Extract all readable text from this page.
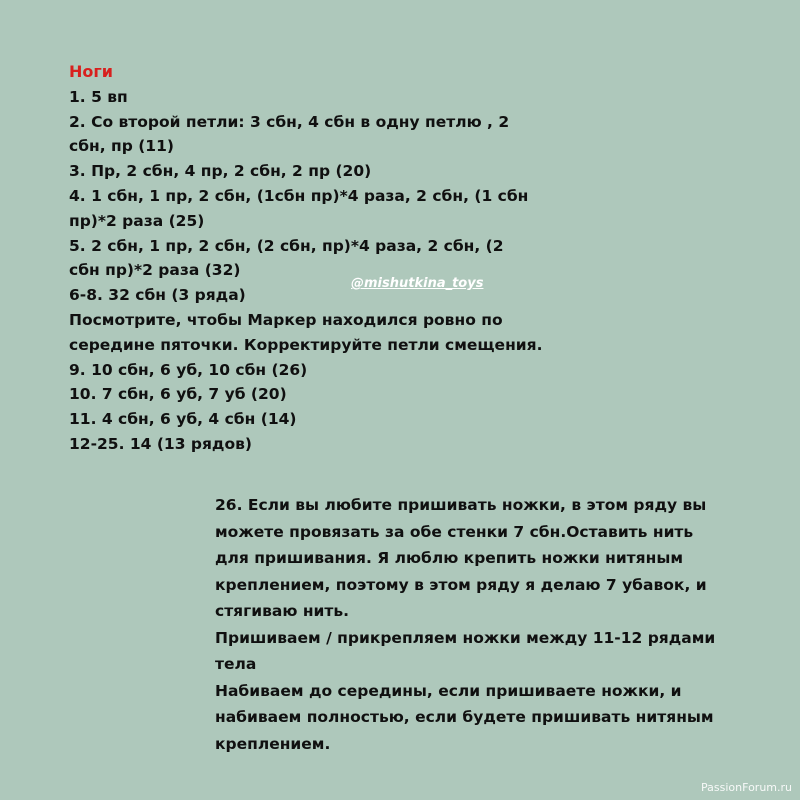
Ноги
1. 5 вп
2. Со второй петли: 3 сбн, 4 сбн в одну петлю , 2
сбн, пр (11)
3. Пр, 2 сбн, 4 пр, 2 сбн, 2 пр (20)
4. 1 сбн, 1 пр, 2 сбн, (1сбн пр)*4 раза, 2 сбн, (1 сбн
пр)*2 раза (25)
5. 2 сбн, 1 пр, 2 сбн, (2 сбн, пр)*4 раза, 2 сбн, (2
сбн пр)*2 раза (32)
6-8. 32 сбн (3 ряда)
Посмотрите, чтобы Маркер находился ровно по
середине пяточки. Корректируйте петли смещения.
9. 10 сбн, 6 уб, 10 сбн (26)
10. 7 сбн, 6 уб, 7 уб (20)
11. 4 сбн, 6 уб, 4 сбн (14)
12-25. 14 (13 рядов)
@mishutkina_toys
26. Если вы любите пришивать ножки, в этом ряду вы
можете провязать за обе стенки 7 сбн.Оставить нить
для пришивания. Я люблю крепить ножки нитяным
креплением, поэтому в этом ряду я делаю 7 убавок, и
стягиваю нить.
Пришиваем / прикрепляем ножки между 11-12 рядами
тела
Набиваем до середины, если пришиваете ножки, и
набиваем полностью, если будете пришивать нитяным
креплением.
PassionForum.ru
